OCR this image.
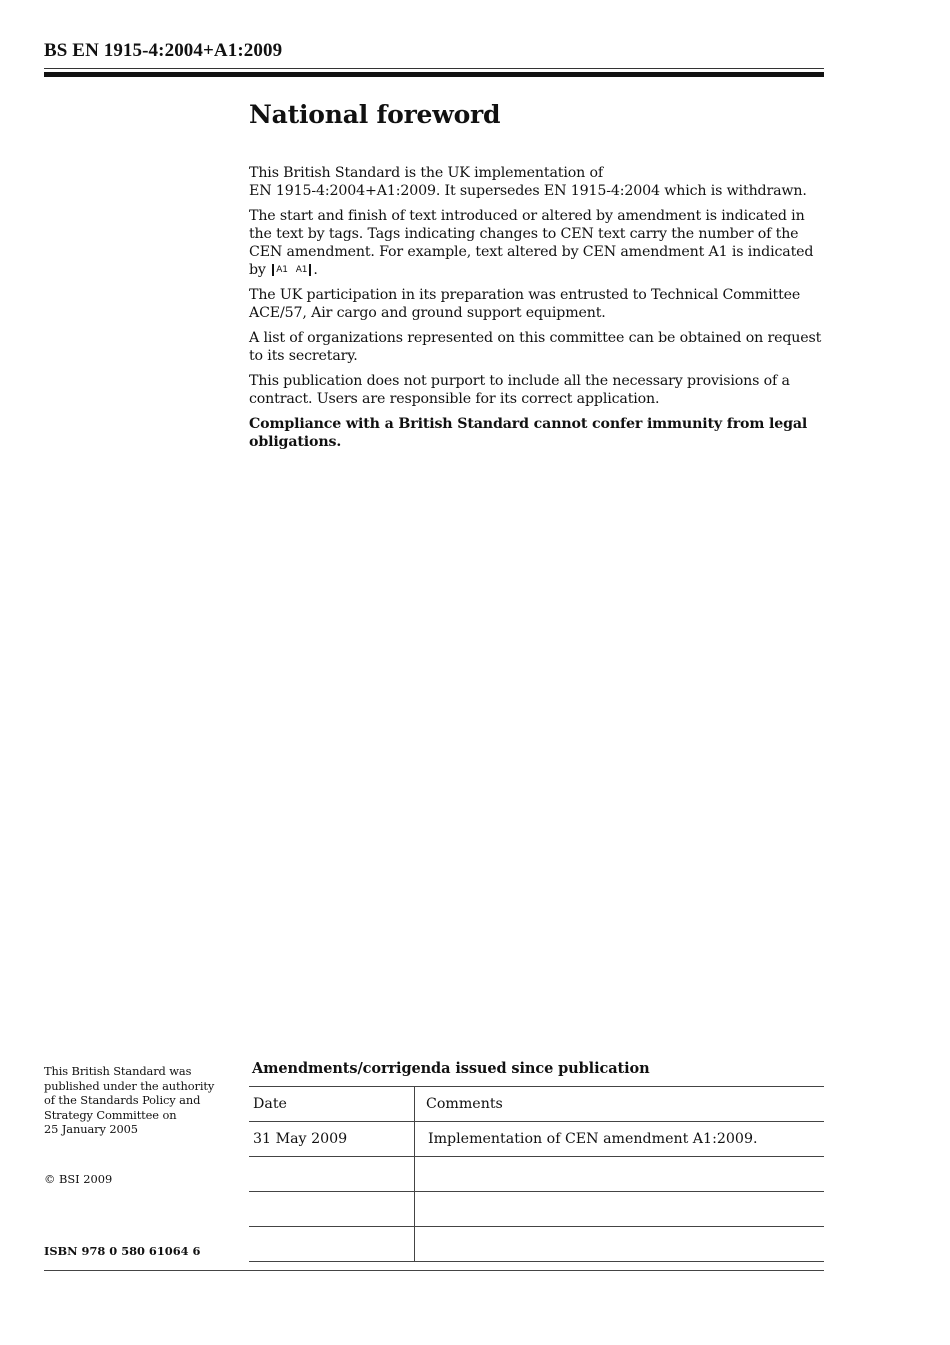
BS EN 1915-4:2004+A1:2009
National foreword

This British Standard is the UK implementation of
EN 1915-4:2004+A1:2009. It supersedes EN 1915-4:2004 which is withdrawn.

The start and finish of text introduced or altered by amendment is indicated in the text by tags. Tags indicating changes to CEN text carry the number of the CEN amendment. For example, text altered by CEN amendment A1 is indicated by A1 A1 .

The UK participation in its preparation was entrusted to Technical Committee ACE/57, Air cargo and ground support equipment.

A list of organizations represented on this committee can be obtained on request to its secretary.

This publication does not purport to include all the necessary provisions of a contract. Users are responsible for its correct application.

Compliance with a British Standard cannot confer immunity from legal obligations.

This British Standard was
published under the authority
of the Standards Policy and
Strategy Committee on
25 January 2005
© BSI 2009
ISBN 978 0 580 61064 6
Amendments/corrigenda issued since publication
Date	Comments
31 May 2009	Implementation of CEN amendment A1:2009.
